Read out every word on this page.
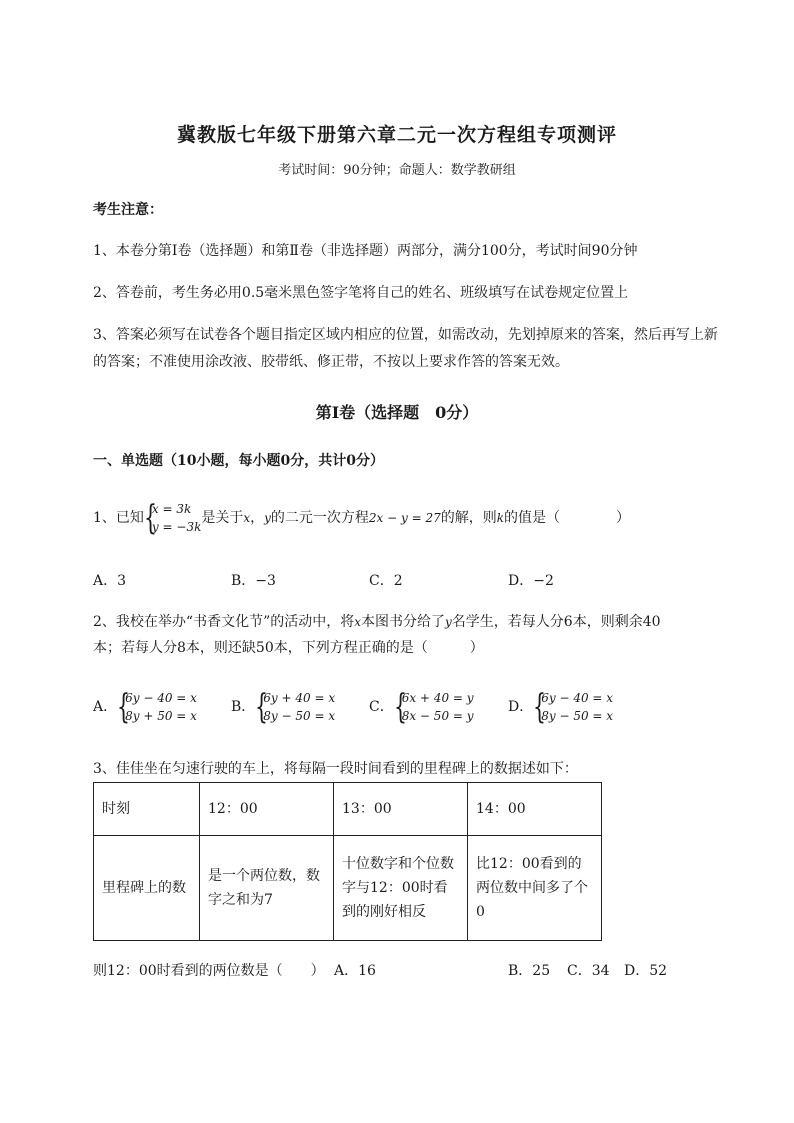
冀教版七年级下册第六章二元一次方程组专项测评
考试时间：90分钟；命题人：数学教研组
考生注意：
1、本卷分第I卷（选择题）和第Ⅱ卷（非选择题）两部分，满分100分，考试时间90分钟
2、答卷前，考生务必用0.5毫米黑色签字笔将自己的姓名、班级填写在试卷规定位置上
3、答案必须写在试卷各个题目指定区域内相应的位置，如需改动，先划掉原来的答案，然后再写上新
的答案；不准使用涂改液、胶带纸、修正带，不按以上要求作答的答案无效。
第I卷（选择题　0分）
一、单选题（10小题，每小题0分，共计0分）
1、已知 {
x = 3k
y = −3k
是关于x，y的二元一次方程2x − y = 27的解，则k的值是（　　　　）
A．3	B．−3	C．2	D．−2
2、我校在举办“书香文化节”的活动中，将x本图书分给了y名学生，若每人分6本，则剩余40
本；若每人分8本，则还缺50本，下列方程正确的是（　　　）
A． {
6y − 40 = x
8y + 50 = x
B． {
6y + 40 = x
8y − 50 = x
C． {
6x + 40 = y
8x − 50 = y
D． {
6y − 40 = x
8y − 50 = x
3、佳佳坐在匀速行驶的车上，将每隔一段时间看到的里程碑上的数据述如下：
时刻	12：00	13：00	14：00
里程碑上的数	是一个两位数，数字之和为7	十位数字和个位数字与12：00时看到的刚好相反	比12：00看到的两位数中间多了个0
则12：00时看到的两位数是（　　） A．16	B．25 C．34 D．52
